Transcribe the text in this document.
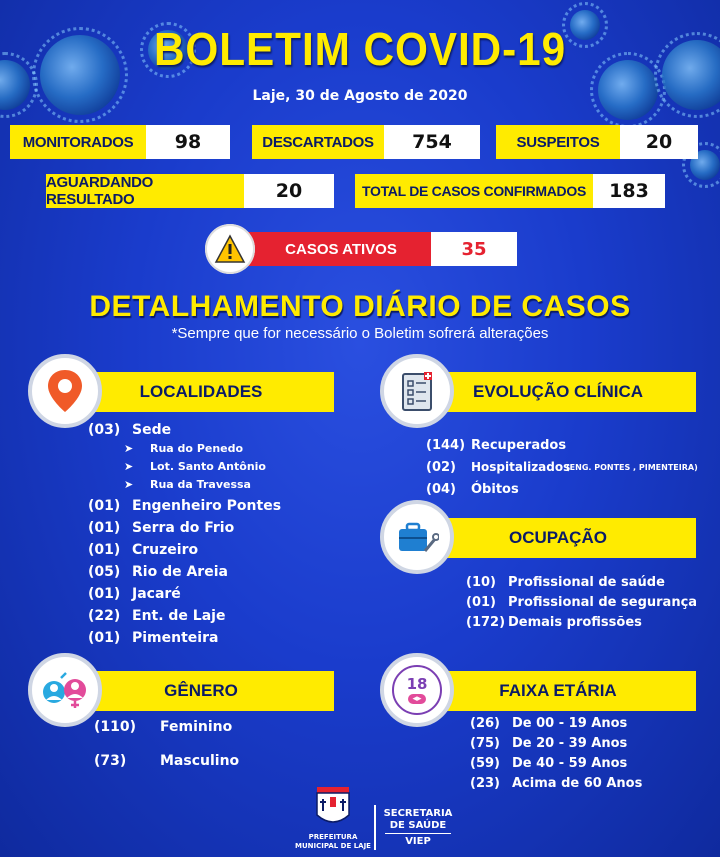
BOLETIM COVID-19
Laje, 30 de Agosto de 2020
MONITORADOS	98	DESCARTADOS	754	SUSPEITOS	20
AGUARDANDO RESULTADO	20	TOTAL DE CASOS CONFIRMADOS	183
CASOS ATIVOS	35
DETALHAMENTO DIÁRIO DE CASOS
*Sempre que for necessário o Boletim sofrerá alterações
LOCALIDADES
(03) Sede
➤ Rua do Penedo
➤ Lot. Santo Antônio
➤ Rua da Travessa
(01) Engenheiro Pontes
(01) Serra do Frio
(01) Cruzeiro
(05) Rio de Areia
(01) Jacaré
(22) Ent. de Laje
(01) Pimenteira
EVOLUÇÃO CLÍNICA
(144) Recuperados
(02) Hospitalizados
(ENG. PONTES , PIMENTEIRA)
(04) Óbitos
OCUPAÇÃO
(10) Profissional de saúde
(01) Profissional de segurança
(172) Demais profissões
GÊNERO
(110) Feminino
(73) Masculino
FAIXA ETÁRIA
18
◂▸
(26) De 00 - 19 Anos
(75) De 20 - 39 Anos
(59) De 40 - 59 Anos
(23) Acima de 60 Anos
PREFEITURA
MUNICIPAL DE LAJE
SECRETARIA
DE SAÚDE
VIEP
